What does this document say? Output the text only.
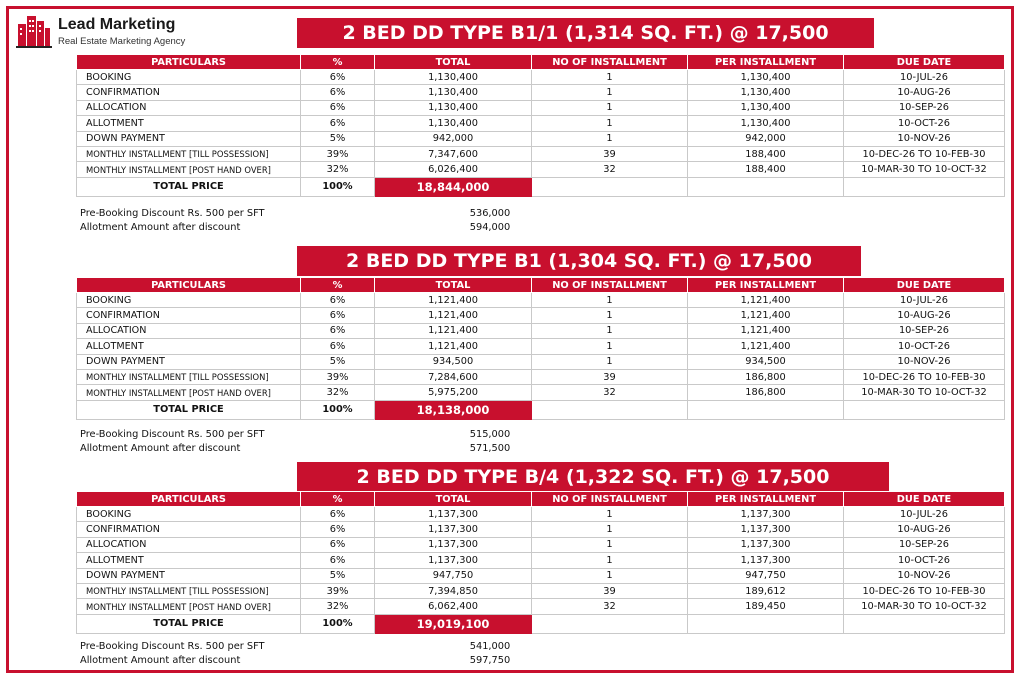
Lead Marketing
Real Estate Marketing Agency	2 BED DD TYPE B1/1 (1,314 SQ. FT.) @ 17,500
PARTICULARS	%	TOTAL	NO OF INSTALLMENT	PER INSTALLMENT	DUE DATE
BOOKING	6%	1,130,400	1	1,130,400	10-JUL-26
CONFIRMATION	6%	1,130,400	1	1,130,400	10-AUG-26
ALLOCATION	6%	1,130,400	1	1,130,400	10-SEP-26
ALLOTMENT	6%	1,130,400	1	1,130,400	10-OCT-26
DOWN PAYMENT	5%	942,000	1	942,000	10-NOV-26
MONTHLY INSTALLMENT [TILL POSSESSION]	39%	7,347,600	39	188,400	10-DEC-26 TO 10-FEB-30
MONTHLY INSTALLMENT [POST HAND OVER]	32%	6,026,400	32	188,400	10-MAR-30 TO 10-OCT-32
TOTAL PRICE	100%	18,844,000			
Pre-Booking Discount Rs. 500 per SFT	536,000
Allotment Amount after discount	594,000
2 BED DD TYPE B1 (1,304 SQ. FT.) @ 17,500
PARTICULARS	%	TOTAL	NO OF INSTALLMENT	PER INSTALLMENT	DUE DATE
BOOKING	6%	1,121,400	1	1,121,400	10-JUL-26
CONFIRMATION	6%	1,121,400	1	1,121,400	10-AUG-26
ALLOCATION	6%	1,121,400	1	1,121,400	10-SEP-26
ALLOTMENT	6%	1,121,400	1	1,121,400	10-OCT-26
DOWN PAYMENT	5%	934,500	1	934,500	10-NOV-26
MONTHLY INSTALLMENT [TILL POSSESSION]	39%	7,284,600	39	186,800	10-DEC-26 TO 10-FEB-30
MONTHLY INSTALLMENT [POST HAND OVER]	32%	5,975,200	32	186,800	10-MAR-30 TO 10-OCT-32
TOTAL PRICE	100%	18,138,000			
Pre-Booking Discount Rs. 500 per SFT	515,000
Allotment Amount after discount	571,500
2 BED DD TYPE B/4 (1,322 SQ. FT.) @ 17,500
PARTICULARS	%	TOTAL	NO OF INSTALLMENT	PER INSTALLMENT	DUE DATE
BOOKING	6%	1,137,300	1	1,137,300	10-JUL-26
CONFIRMATION	6%	1,137,300	1	1,137,300	10-AUG-26
ALLOCATION	6%	1,137,300	1	1,137,300	10-SEP-26
ALLOTMENT	6%	1,137,300	1	1,137,300	10-OCT-26
DOWN PAYMENT	5%	947,750	1	947,750	10-NOV-26
MONTHLY INSTALLMENT [TILL POSSESSION]	39%	7,394,850	39	189,612	10-DEC-26 TO 10-FEB-30
MONTHLY INSTALLMENT [POST HAND OVER]	32%	6,062,400	32	189,450	10-MAR-30 TO 10-OCT-32
TOTAL PRICE	100%	19,019,100			
Pre-Booking Discount Rs. 500 per SFT	541,000
Allotment Amount after discount	597,750
